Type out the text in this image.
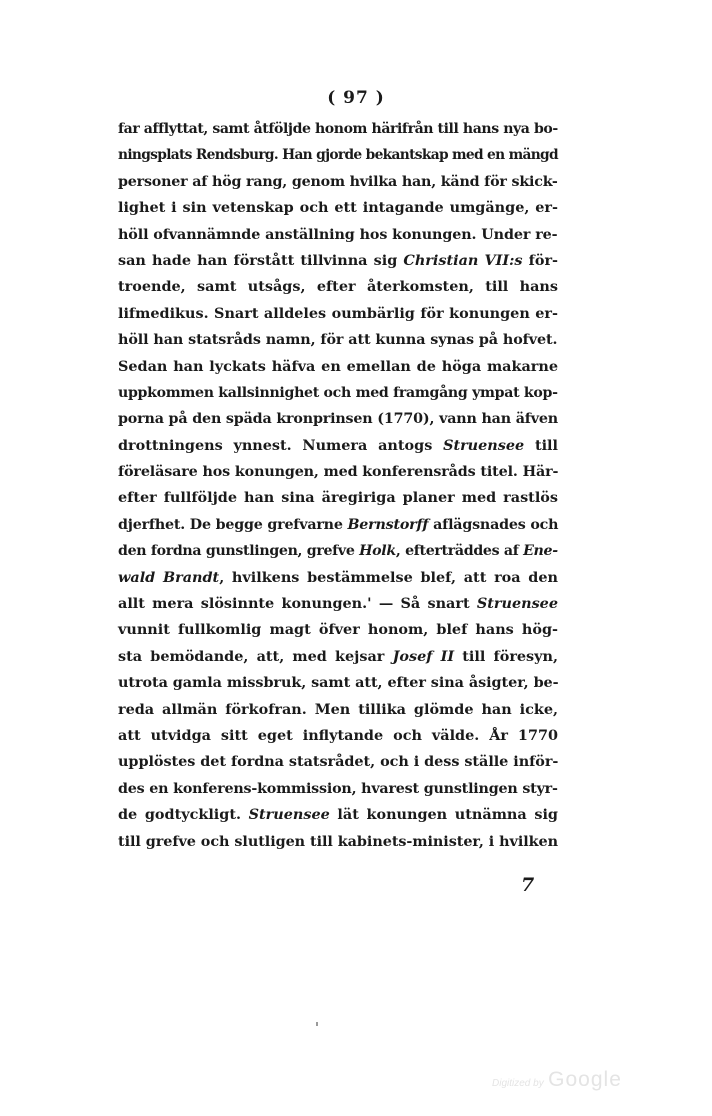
( 97 )
far afflyttat, samt åtföljde honom härifrån till hans nya bo-
ningsplats Rendsburg. Han gjorde bekantskap med en mängd
personer af hög rang, genom hvilka han, känd för skick-
lighet i sin vetenskap och ett intagande umgänge, er-
höll ofvannämnde anställning hos konungen. Under re-
san hade han förstått tillvinna sig Christian VII:s för-
troende, samt utsågs, efter återkomsten, till hans
lifmedikus. Snart alldeles oumbärlig för konungen er-
höll han statsråds namn, för att kunna synas på hofvet.
Sedan han lyckats häfva en emellan de höga makarne
uppkommen kallsinnighet och med framgång ympat kop-
porna på den späda kronprinsen (1770), vann han äfven
drottningens ynnest. Numera antogs Struensee till
föreläsare hos konungen, med konferensråds titel. Här-
efter fullföljde han sina äregiriga planer med rastlös
djerfhet. De begge grefvarne Bernstorff aflägsnades och
den fordna gunstlingen, grefve Holk, efterträddes af Ene-
wald Brandt, hvilkens bestämmelse blef, att roa den
allt mera slösinnte konungen.' — Så snart Struensee
vunnit fullkomlig magt öfver honom, blef hans hög-
sta bemödande, att, med kejsar Josef II till föresyn,
utrota gamla missbruk, samt att, efter sina åsigter, be-
reda allmän förkofran. Men tillika glömde han icke,
att utvidga sitt eget inflytande och välde. År 1770
upplöstes det fordna statsrådet, och i dess ställe inför-
des en konferens-kommission, hvarest gunstlingen styr-
de godtyckligt. Struensee lät konungen utnämna sig
till grefve och slutligen till kabinets-minister, i hvilken
7
Digitized by Google
